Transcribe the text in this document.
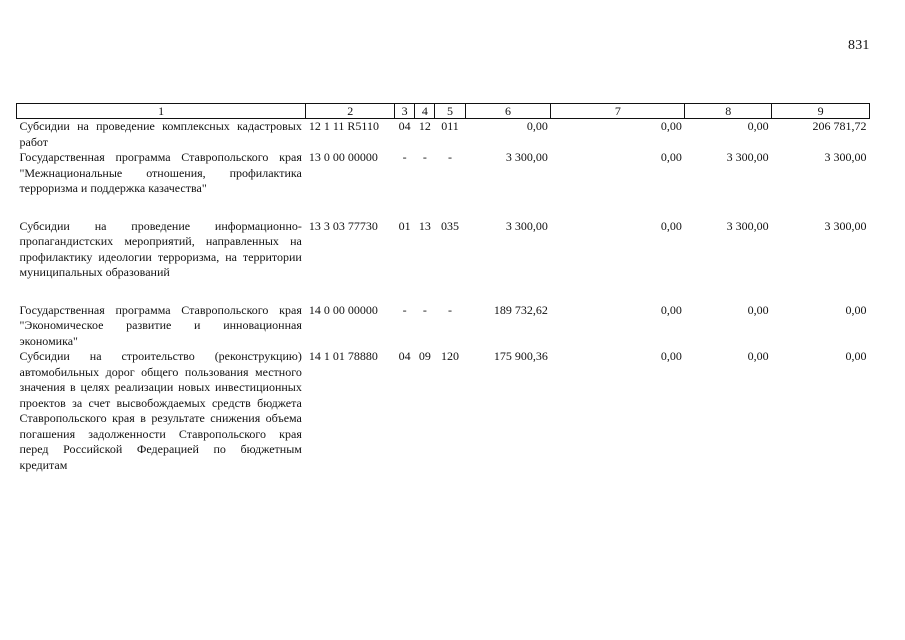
831
1	2	3	4	5	6	7	8	9
Субсидии на проведение комплексных кадастровых работ	12 1 11 R5110	04	12	011	0,00	0,00	0,00	206 781,72
Государственная программа Ставропольского края "Межнациональные отношения, профилактика терроризма и поддержка казачества"	13 0 00 00000	-	-	-	3 300,00	0,00	3 300,00	3 300,00

Субсидии на проведение информационно-пропагандистских мероприятий, направленных на профилактику идеологии терроризма, на территории муниципальных образований	13 3 03 77730	01	13	035	3 300,00	0,00	3 300,00	3 300,00

Государственная программа Ставропольского края "Экономическое развитие и инновационная экономика"	14 0 00 00000	-	-	-	189 732,62	0,00	0,00	0,00
Субсидии на строительство (реконструкцию) автомобильных дорог общего пользования местного значения в целях реализации новых инвестиционных проектов за счет высвобождаемых средств бюджета Ставропольского края в результате снижения объема погашения задолженности Ставропольского края перед Российской Федерацией по бюджетным кредитам	14 1 01 78880	04	09	120	175 900,36	0,00	0,00	0,00
